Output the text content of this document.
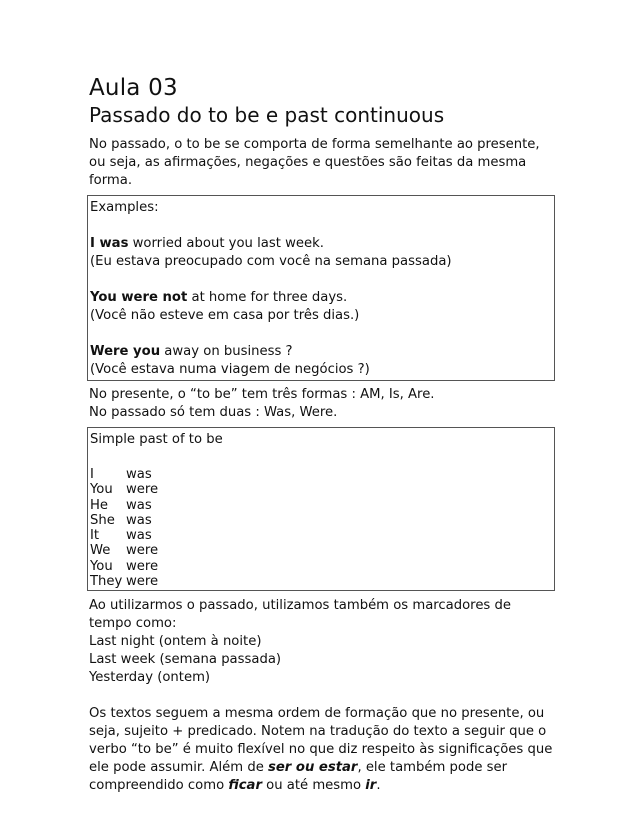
Aula 03
Passado do to be e past continuous

No passado, o to be se comporta de forma semelhante ao presente, ou seja, as afirmações, negações e questões são feitas da mesma forma.

Examples:
I was worried about you last week.
(Eu estava preocupado com você na semana passada)
You were not at home for three days.
(Você não esteve em casa por três dias.)
Were you away on business ?
(Você estava numa viagem de negócios ?)
No presente, o “to be” tem três formas : AM, Is, Are.
No passado só tem duas : Was, Were.
Simple past of to be
I	was
You	were
He	was
She	was
It	was
We	were
You	were
They	were

Ao utilizarmos o passado, utilizamos também os marcadores de tempo como:

Last night (ontem à noite)
Last week (semana passada)
Yesterday (ontem)

Os textos seguem a mesma ordem de formação que no presente, ou seja, sujeito + predicado. Notem na tradução do texto a seguir que o verbo “to be” é muito flexível no que diz respeito às significações que ele pode assumir. Além de ser ou estar, ele também pode ser compreendido como ficar ou até mesmo ir.
